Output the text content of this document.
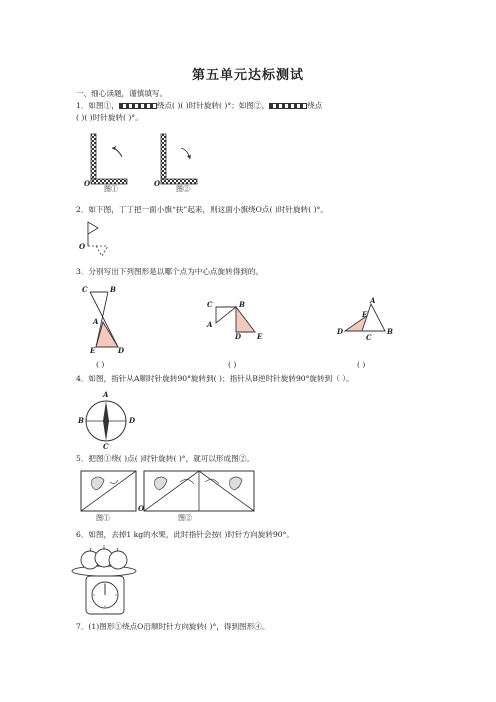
第五单元达标测试
一、细心读题，谨慎填写。
1．如图①，	绕点( )( )时针旋转( )°；如图②，	绕点
( )( )时针旋转( )°。
O
图①
O
图②
2．如下图，丁丁把一面小旗“扶”起来，则这面小旗绕O点( )时针旋转( )°。
O
3．分别写出下列图形是以哪个点为中心点旋转得到的。
C	B
A
E	D
C	B
A
D E
A
E
D	B
C
( )	( )	( )
4．如图，指针从A顺时针旋转90°旋转到( )；指针从B逆时针旋转90°旋转到（ ）。
A
B
C
D
5．把图①绕( )点( )时针旋转( )°，就可以形成图②。
O
图①	图②
6．如图，去掉1 kg的水果，此时指针会按( )时针方向旋转90°。
7．(1)图形①绕点O沿顺时针方向旋转( )°，得到图形④。
